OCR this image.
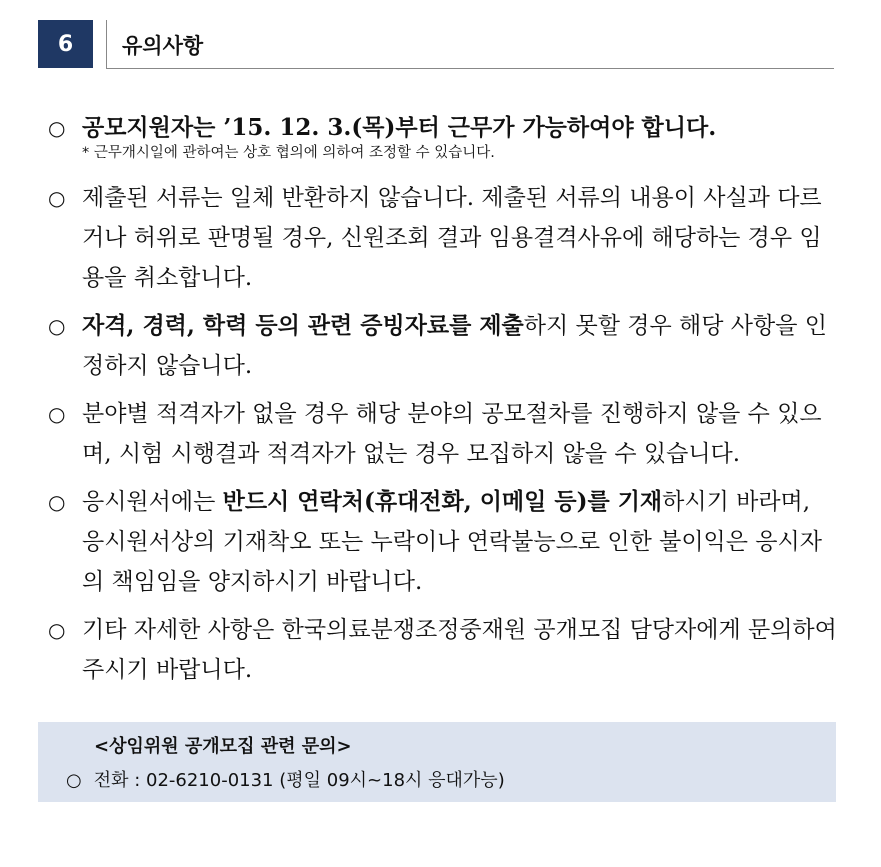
6	유의사항
○ 공모지원자는 ’15. 12. 3.(목)부터 근무가 가능하여야 합니다.
* 근무개시일에 관하여는 상호 협의에 의하여 조정할 수 있습니다.
○ 제출된 서류는 일체 반환하지 않습니다. 제출된 서류의 내용이 사실과 다르거나 허위로 판명될 경우, 신원조회 결과 임용결격사유에 해당하는 경우 임용을 취소합니다.
○ 자격, 경력, 학력 등의 관련 증빙자료를 제출하지 못할 경우 해당 사항을 인정하지 않습니다.
○ 분야별 적격자가 없을 경우 해당 분야의 공모절차를 진행하지 않을 수 있으며, 시험 시행결과 적격자가 없는 경우 모집하지 않을 수 있습니다.
○ 응시원서에는 반드시 연락처(휴대전화, 이메일 등)를 기재하시기 바라며, 응시원서상의 기재착오 또는 누락이나 연락불능으로 인한 불이익은 응시자의 책임임을 양지하시기 바랍니다.
○ 기타 자세한 사항은 한국의료분쟁조정중재원 공개모집 담당자에게 문의하여 주시기 바랍니다.
<상임위원 공개모집 관련 문의>
○ 전화 : 02-6210-0131 (평일 09시~18시 응대가능)
